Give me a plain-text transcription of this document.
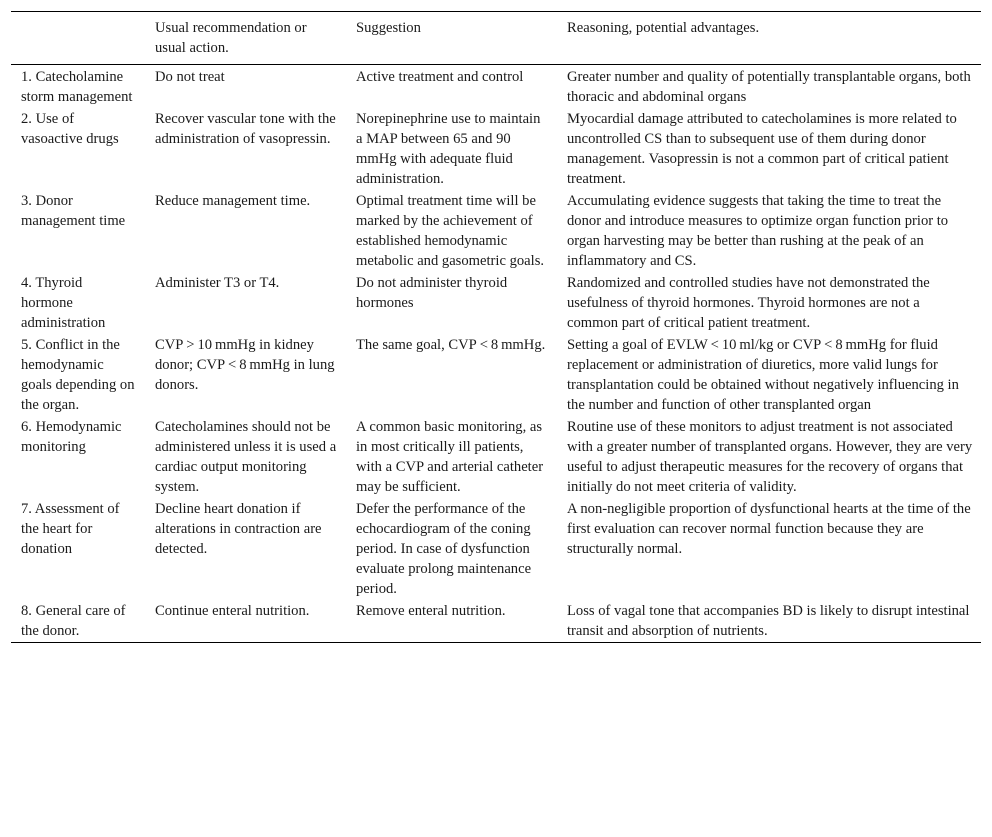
	Usual recommendation or usual action.	Suggestion	Reasoning, potential advantages.
1. Catecholamine storm management	Do not treat	Active treatment and control	Greater number and quality of potentially transplantable organs, both thoracic and abdominal organs
2. Use of vasoactive drugs	Recover vascular tone with the administration of vasopressin.	Norepinephrine use to maintain a MAP between 65 and 90 mmHg with adequate fluid administration.	Myocardial damage attributed to catecholamines is more related to uncontrolled CS than to subsequent use of them during donor management. Vasopressin is not a common part of critical patient treatment.
3. Donor management time	Reduce management time.	Optimal treatment time will be marked by the achievement of established hemodynamic metabolic and gasometric goals.	Accumulating evidence suggests that taking the time to treat the donor and introduce measures to optimize organ function prior to organ harvesting may be better than rushing at the peak of an inflammatory and CS.
4. Thyroid hormone administration	Administer T3 or T4.	Do not administer thyroid hormones	Randomized and controlled studies have not demonstrated the usefulness of thyroid hormones. Thyroid hormones are not a common part of critical patient treatment.
5. Conflict in the hemodynamic goals depending on the organ.	CVP > 10 mmHg in kidney donor; CVP < 8 mmHg in lung donors.	The same goal, CVP < 8 mmHg.	Setting a goal of EVLW < 10 ml/kg or CVP < 8 mmHg for fluid replacement or administration of diuretics, more valid lungs for transplantation could be obtained without negatively influencing in the number and function of other transplanted organ
6. Hemodynamic monitoring	Catecholamines should not be administered unless it is used a cardiac output monitoring system.	A common basic monitoring, as in most critically ill patients, with a CVP and arterial catheter may be sufficient.	Routine use of these monitors to adjust treatment is not associated with a greater number of transplanted organs. However, they are very useful to adjust therapeutic measures for the recovery of organs that initially do not meet criteria of validity.
7. Assessment of the heart for donation	Decline heart donation if alterations in contraction are detected.	Defer the performance of the echocardiogram of the coning period. In case of dysfunction evaluate prolong maintenance period.	A non-negligible proportion of dysfunctional hearts at the time of the first evaluation can recover normal function because they are structurally normal.
8. General care of the donor.	Continue enteral nutrition.	Remove enteral nutrition.	Loss of vagal tone that accompanies BD is likely to disrupt intestinal transit and absorption of nutrients.
